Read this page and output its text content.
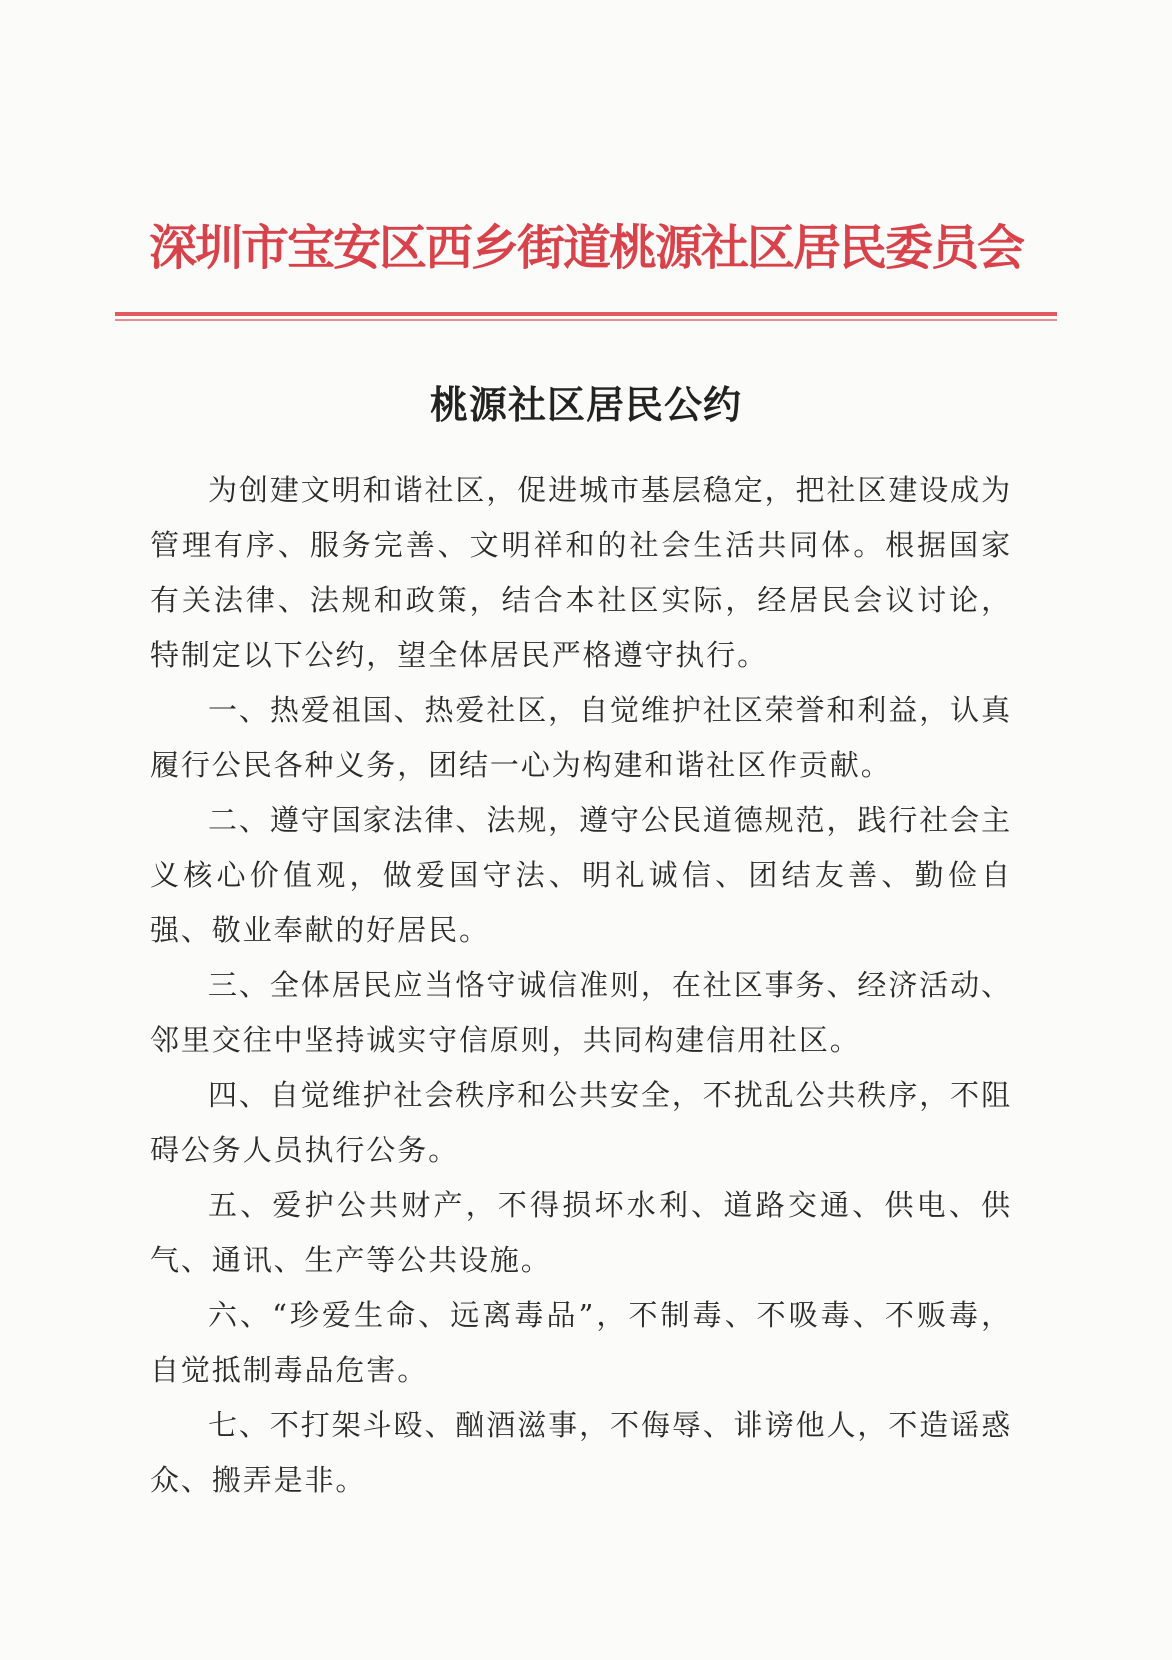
深圳市宝安区西乡街道桃源社区居民委员会
桃源社区居民公约

为创建文明和谐社区，促进城市基层稳定，把社区建设成为管理有序、服务完善、文明祥和的社会生活共同体。根据国家有关法律、法规和政策，结合本社区实际，经居民会议讨论，特制定以下公约，望全体居民严格遵守执行。

一、热爱祖国、热爱社区，自觉维护社区荣誉和利益，认真履行公民各种义务，团结一心为构建和谐社区作贡献。

二、遵守国家法律、法规，遵守公民道德规范，践行社会主义核心价值观，做爱国守法、明礼诚信、团结友善、勤俭自强、敬业奉献的好居民。

三、全体居民应当恪守诚信准则，在社区事务、经济活动、邻里交往中坚持诚实守信原则，共同构建信用社区。

四、自觉维护社会秩序和公共安全，不扰乱公共秩序，不阻碍公务人员执行公务。

五、爱护公共财产，不得损坏水利、道路交通、供电、供气、通讯、生产等公共设施。

六、“珍爱生命、远离毒品”，不制毒、不吸毒、不贩毒，自觉抵制毒品危害。

七、不打架斗殴、酗酒滋事，不侮辱、诽谤他人，不造谣惑众、搬弄是非。
